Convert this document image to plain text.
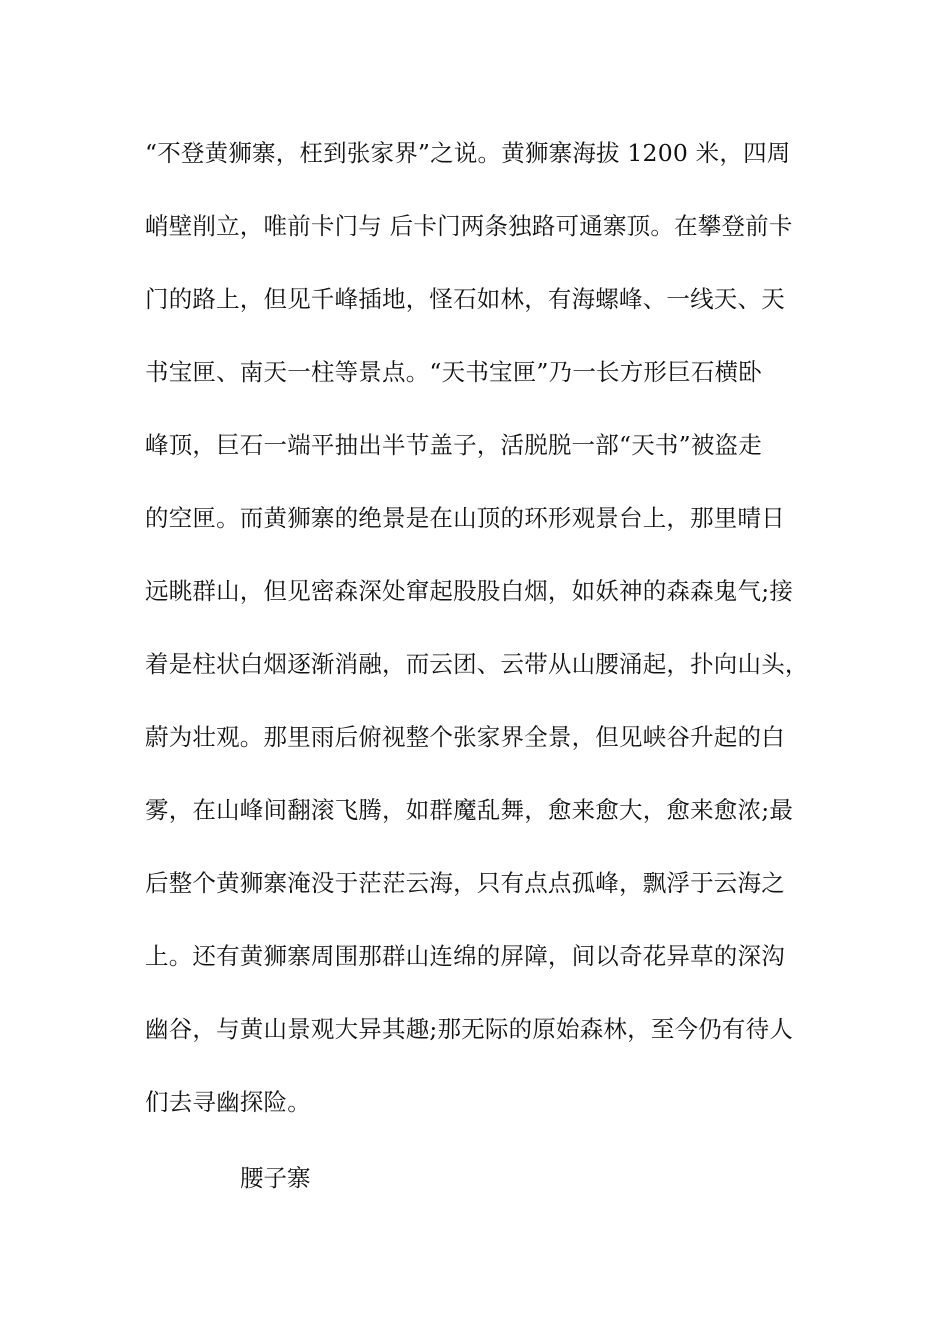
“不登黄狮寨，枉到张家界”之说。黄狮寨海拔 1200 米，四周

峭壁削立，唯前卡门与 后卡门两条独路可通寨顶。在攀登前卡

门的路上，但见千峰插地，怪石如林，有海螺峰、一线天、天

书宝匣、南天一柱等景点。“天书宝匣”乃一长方形巨石横卧

峰顶，巨石一端平抽出半节盖子，活脱脱一部“天书”被盗走

的空匣。而黄狮寨的绝景是在山顶的环形观景台上，那里晴日

远眺群山，但见密森深处窜起股股白烟，如妖神的森森鬼气;接

着是柱状白烟逐渐消融，而云团、云带从山腰涌起，扑向山头，

蔚为壮观。那里雨后俯视整个张家界全景，但见峡谷升起的白

雾，在山峰间翻滚飞腾，如群魔乱舞，愈来愈大，愈来愈浓;最

后整个黄狮寨淹没于茫茫云海，只有点点孤峰，飘浮于云海之

上。还有黄狮寨周围那群山连绵的屏障，间以奇花异草的深沟

幽谷，与黄山景观大异其趣;那无际的原始森林，至今仍有待人

们去寻幽探险。

腰子寨
